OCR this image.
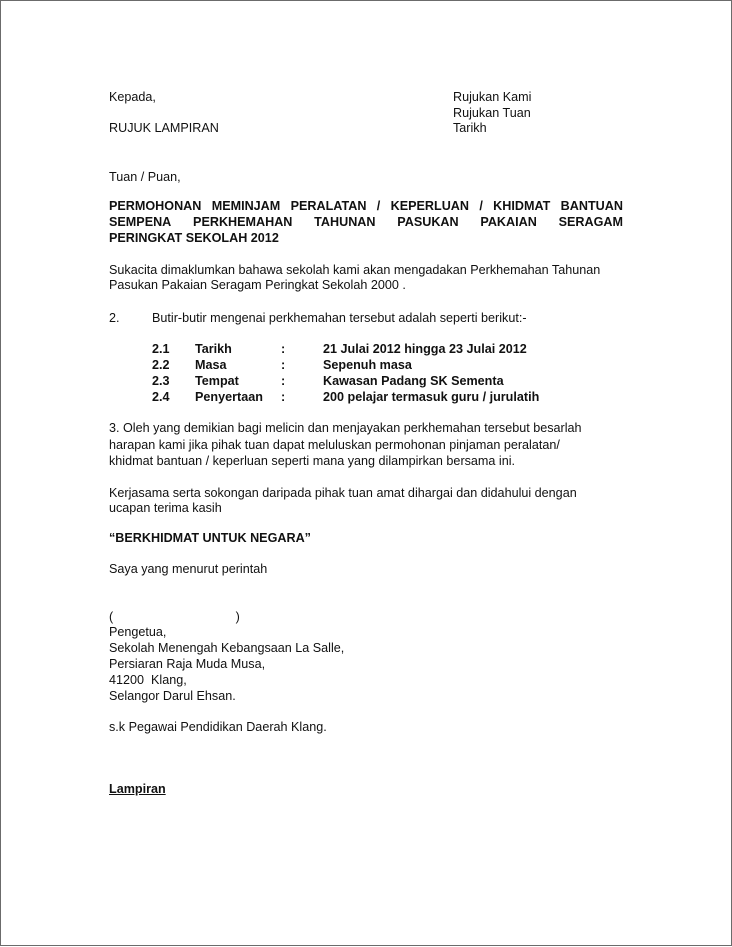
Kepada,
RUJUK LAMPIRAN
Rujukan Kami
Rujukan Tuan
Tarikh
Tuan / Puan,
PERMOHONAN MEMINJAM PERALATAN / KEPERLUAN / KHIDMAT BANTUAN
SEMPENA PERKHEMAHAN TAHUNAN PASUKAN PAKAIAN SERAGAM
PERINGKAT SEKOLAH 2012
Sukacita dimaklumkan bahawa sekolah kami akan mengadakan Perkhemahan Tahunan
Pasukan Pakaian Seragam Peringkat Sekolah 2000 .
2.	Butir-butir mengenai perkhemahan tersebut adalah seperti berikut:-
2.1 Tarikh	:	21 Julai 2012 hingga 23 Julai 2012
2.2 Masa	:	Sepenuh masa
2.3 Tempat	:	Kawasan Padang SK Sementa
2.4 Penyertaan :	200 pelajar termasuk guru / jurulatih
3. Oleh yang demikian bagi melicin dan menjayakan perkhemahan tersebut besarlah
harapan kami jika pihak tuan dapat meluluskan permohonan pinjaman peralatan/
khidmat bantuan / keperluan seperti mana yang dilampirkan bersama ini.
Kerjasama serta sokongan daripada pihak tuan amat dihargai dan didahului dengan
ucapan terima kasih
“BERKHIDMAT UNTUK NEGARA”
Saya yang menurut perintah
(                                   )
Pengetua,
Sekolah Menengah Kebangsaan La Salle,
Persiaran Raja Muda Musa,
41200  Klang,
Selangor Darul Ehsan.
s.k Pegawai Pendidikan Daerah Klang.
Lampiran
